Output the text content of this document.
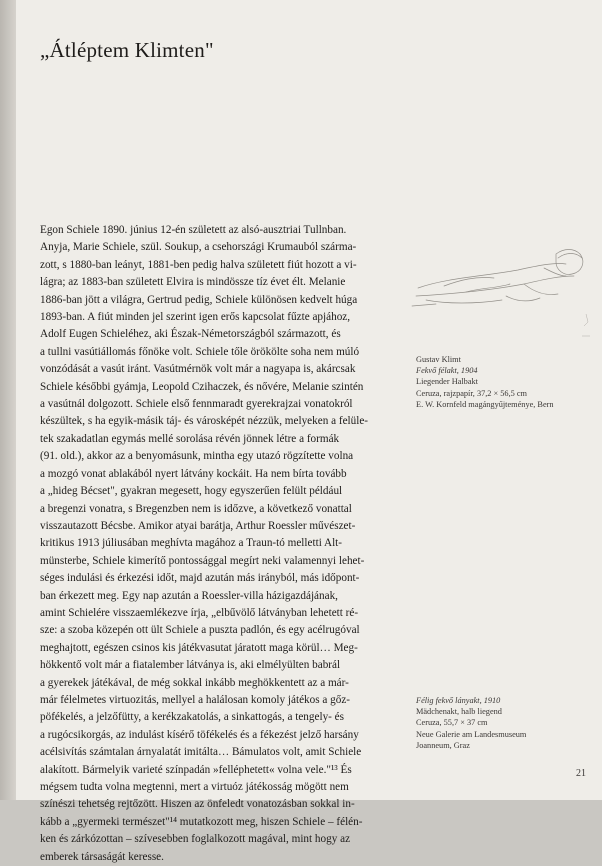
„Átléptem Klimten"
Egon Schiele 1890. június 12-én született az alsó-ausztriai Tullnban.
Anyja, Marie Schiele, szül. Soukup, a csehországi Krumauból szárma-
zott, s 1880-ban leányt, 1881-ben pedig halva született fiút hozott a vi-
lágra; az 1883-ban született Elvira is mindössze tíz évet élt. Melanie
1886-ban jött a világra, Gertrud pedig, Schiele különösen kedvelt húga
1893-ban. A fiút minden jel szerint igen erős kapcsolat fűzte apjához,
Adolf Eugen Schieléhez, aki Észak-Németországból származott, és
a tullni vasútiállomás főnöke volt. Schiele tőle örökölte soha nem múló
vonzódását a vasút iránt. Vasútmérnök volt már a nagyapa is, akárcsak
Schiele későbbi gyámja, Leopold Czihaczek, és nővére, Melanie szintén
a vasútnál dolgozott. Schiele első fennmaradt gyerekrajzai vonatokról
készültek, s ha egyik-másik táj- és városképét nézzük, melyeken a felüle-
tek szakadatlan egymás mellé sorolása révén jönnek létre a formák
(91. old.), akkor az a benyomásunk, mintha egy utazó rögzítette volna
a mozgó vonat ablakából nyert látvány kockáit. Ha nem bírta tovább
a „hideg Bécset", gyakran megesett, hogy egyszerűen felült például
a bregenzi vonatra, s Bregenzben nem is időzve, a következő vonattal
visszautazott Bécsbe. Amikor atyai barátja, Arthur Roessler művészet-
kritikus 1913 júliusában meghívta magához a Traun-tó melletti Alt-
münsterbe, Schiele kimerítő pontossággal megírt neki valamennyi lehet-
séges indulási és érkezési időt, majd azután más irányból, más időpont-
ban érkezett meg. Egy nap azután a Roessler-villa házigazdájának,
amint Schielére visszaemlékezve írja, „elbűvölő látványban lehetett ré-
sze: a szoba közepén ott ült Schiele a puszta padlón, és egy acélrugóval
meghajtott, egészen csinos kis játékvasutat járatott maga körül… Meg-
hökkentő volt már a fiatalember látványa is, aki elmélyülten babrál
a gyerekek játékával, de még sokkal inkább meghökkentett az a már-
már félelmetes virtuozitás, mellyel a halálosan komoly játékos a gőz-
pöfékelés, a jelzőfütty, a kerékzakatolás, a sinkattogás, a tengely- és
a rugócsikorgás, az indulást kísérő töfékelés és a fékezést jelző harsány
acélsivítás számtalan árnyalatát imitálta… Bámulatos volt, amit Schiele
alakított. Bármelyik varieté színpadán »felléphetett« volna vele."¹³ És
mégsem tudta volna megtenni, mert a virtuóz játékosság mögött nem
színészi tehetség rejtőzött. Hiszen az önfeledt vonatozásban sokkal in-
kább a „gyermeki természet"¹⁴ mutatkozott meg, hiszen Schiele – félén-
ken és zárkózottan – szívesebben foglalkozott magával, mint hogy az
emberek társaságát keresse.
Gustav Klimt
Fekvő félakt, 1904
Liegender Halbakt
Ceruza, rajzpapír, 37,2 × 56,5 cm
E. W. Kornfeld magángyűjteménye, Bern
Félig fekvő lányakt, 1910
Mädchenakt, halb liegend
Ceruza, 55,7 × 37 cm
Neue Galerie am Landesmuseum
Joanneum, Graz
21
